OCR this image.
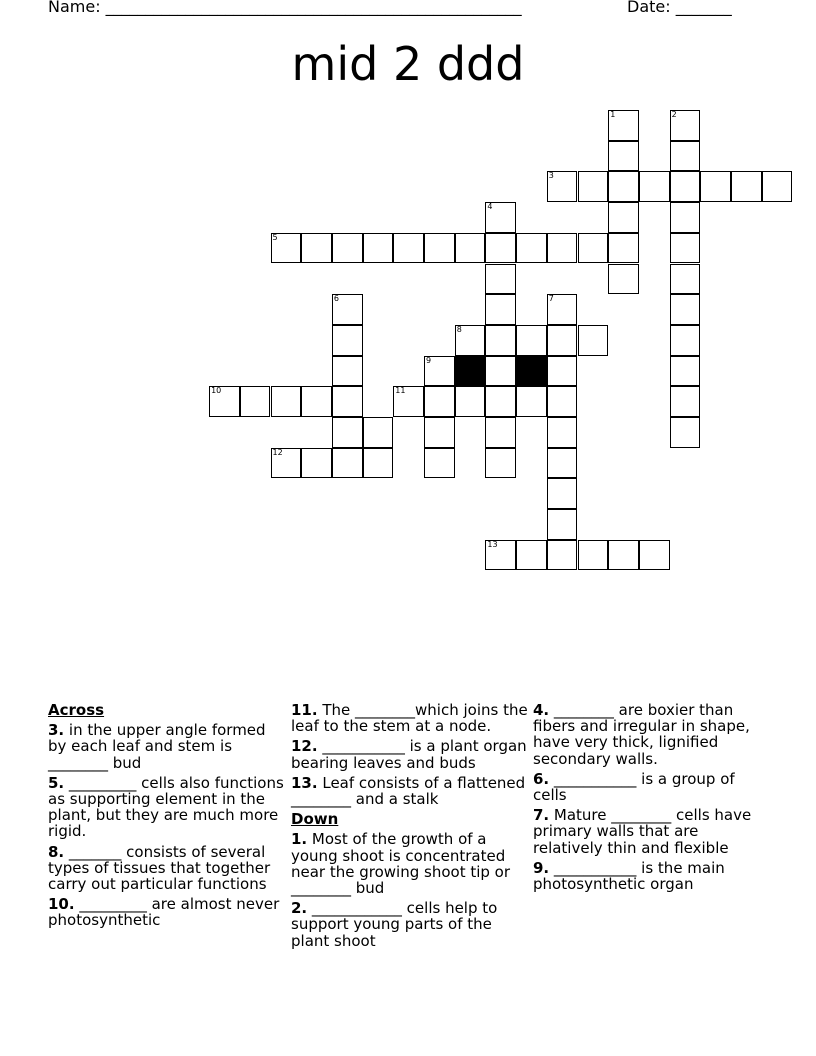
Name: ____________________________________________________	Date: _______
mid 2 ddd
1	2
3
4
5
6	7
8
9
10	11
12
13
Across
3. in the upper angle formed by each leaf and stem is ________ bud
5. _________ cells also functions as supporting element in the plant, but they are much more rigid.
8. _______ consists of several types of tissues that together carry out particular functions
10. _________ are almost never photosynthetic
11. The ________which joins the leaf to the stem at a node.
12. ___________ is a plant organ bearing leaves and buds
13. Leaf consists of a flattened ________ and a stalk
Down
1. Most of the growth of a young shoot is concentrated near the growing shoot tip or ________ bud
2. ____________ cells help to support young parts of the plant shoot
4. ________ are boxier than fibers and irregular in shape, have very thick, lignified secondary walls.
6. ___________ is a group of cells
7. Mature ________ cells have primary walls that are relatively thin and flexible
9. ___________ is the main photosynthetic organ
